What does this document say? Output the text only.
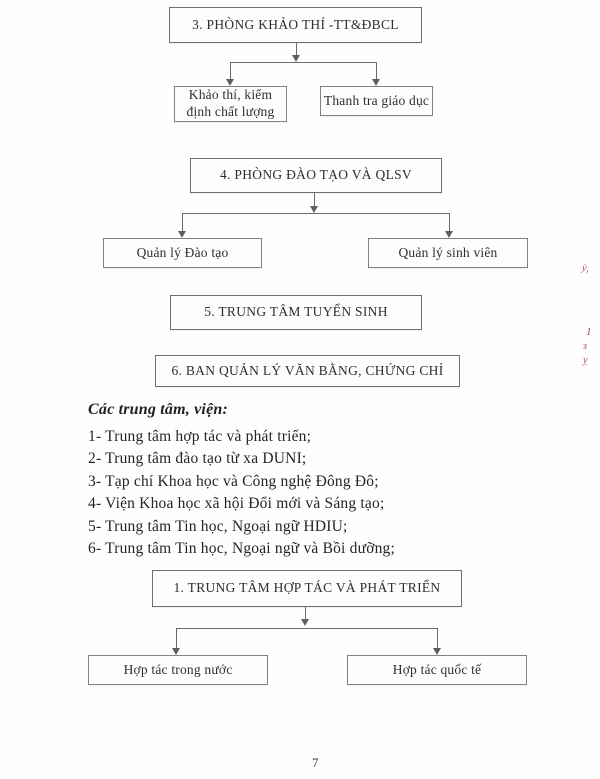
3. PHÒNG KHẢO THÍ -TT&ĐBCL
Khảo thí, kiểm định chất lượng
Thanh tra giáo dục
4. PHÒNG ĐÀO TẠO VÀ QLSV
Quản lý Đào tạo	Quản lý sinh viên
5. TRUNG TÂM TUYỂN SINH
6. BAN QUẢN LÝ VĂN BẰNG, CHỨNG CHỈ
Các trung tâm, viện:
1- Trung tâm hợp tác và phát triển;
2- Trung tâm đào tạo từ xa DUNI;
3- Tạp chí Khoa học và Công nghệ Đông Đô;
4- Viện Khoa học xã hội Đổi mới và Sáng tạo;
5- Trung tâm Tin học, Ngoại ngữ HDIU;
6- Trung tâm Tin học, Ngoại ngữ và Bồi dưỡng;
1. TRUNG TÂM HỢP TÁC VÀ PHÁT TRIỂN
Hợp tác trong nước	Hợp tác quốc tế
ỳ,
1
ɜ
ỵ
7
